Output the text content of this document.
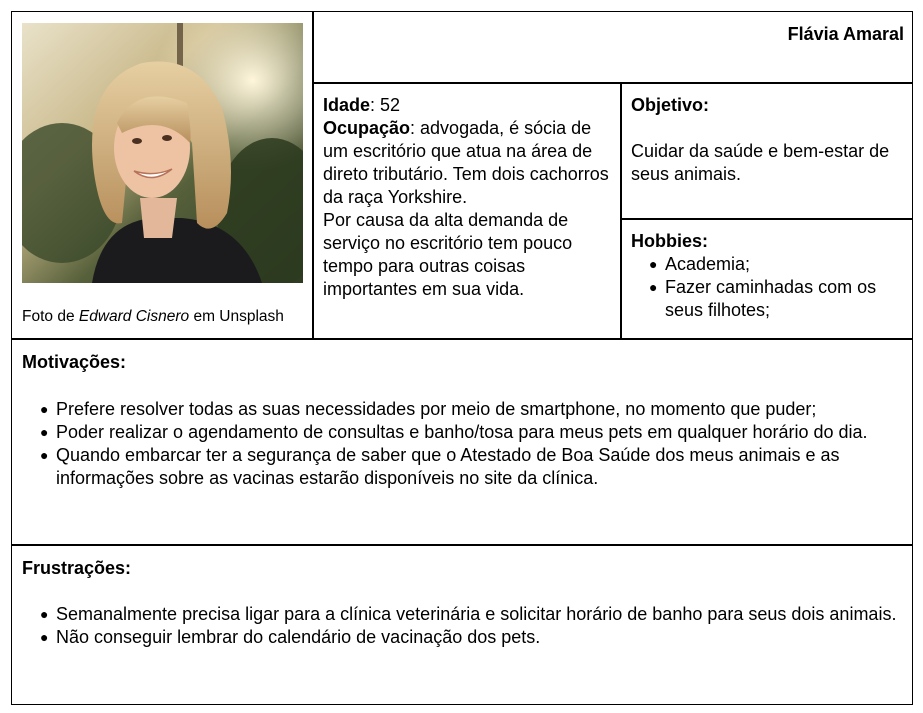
Foto de Edward Cisnero em Unsplash
Flávia Amaral
Idade: 52
Ocupação: advogada, é sócia de um escritório que atua na área de direto tributário. Tem dois cachorros da raça Yorkshire.
Por causa da alta demanda de serviço no escritório tem pouco tempo para outras coisas importantes em sua vida.
Objetivo:
Cuidar da saúde e bem-estar de seus animais.
Hobbies:
● Academia;
● Fazer caminhadas com os seus filhotes;
Motivações:
● Prefere resolver todas as suas necessidades por meio de smartphone, no momento que puder;
● Poder realizar o agendamento de consultas e banho/tosa para meus pets em qualquer horário do dia.
● Quando embarcar ter a segurança de saber que o Atestado de Boa Saúde dos meus animais e as informações sobre as vacinas estarão disponíveis no site da clínica.
Frustrações:
● Semanalmente precisa ligar para a clínica veterinária e solicitar horário de banho para seus dois animais.
● Não conseguir lembrar do calendário de vacinação dos pets.
